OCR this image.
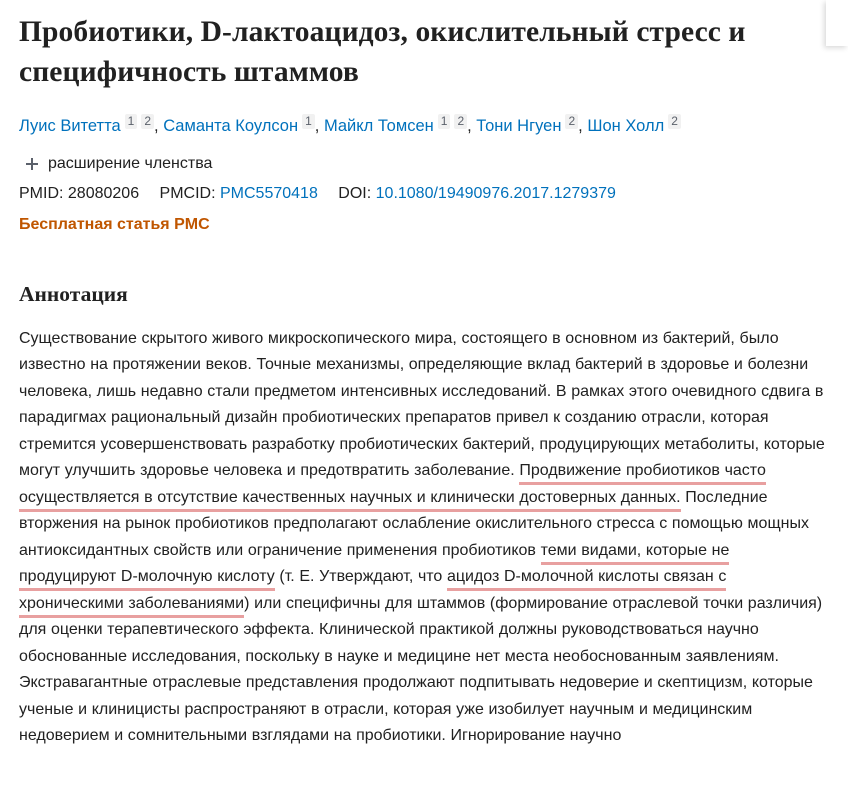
Пробиотики, D-лактоацидоз, окислительный стресс и специфичность штаммов
Луис Витетта 1 2 , Саманта Коулсон 1 , Майкл Томсен 1 2 , Тони Нгуен 2 , Шон Холл 2
расширение членства
PMID: 28080206 PMCID: PMC5570418 DOI: 10.1080/19490976.2017.1279379
Бесплатная статья PMC
Аннотация
Существование скрытого живого микроскопического мира, состоящего в основном из бактерий, было известно на протяжении веков. Точные механизмы, определяющие вклад бактерий в здоровье и болезни человека, лишь недавно стали предметом интенсивных исследований. В рамках этого очевидного сдвига в парадигмах рациональный дизайн пробиотических препаратов привел к созданию отрасли, которая стремится усовершенствовать разработку пробиотических бактерий, продуцирующих метаболиты, которые могут улучшить здоровье человека и предотвратить заболевание. Продвижение пробиотиков часто осуществляется в отсутствие качественных научных и клинически достоверных данных. Последние вторжения на рынок пробиотиков предполагают ослабление окислительного стресса с помощью мощных антиоксидантных свойств или ограничение применения пробиотиков теми видами, которые не продуцируют D-молочную кислоту (т. Е. Утверждают, что ацидоз D-молочной кислоты связан с хроническими заболеваниями) или специфичны для штаммов (формирование отраслевой точки различия) для оценки терапевтического эффекта. Клинической практикой должны руководствоваться научно обоснованные исследования, поскольку в науке и медицине нет места необоснованным заявлениям. Экстравагантные отраслевые представления продолжают подпитывать недоверие и скептицизм, которые ученые и клиницисты распространяют в отрасли, которая уже изобилует научным и медицинским недоверием и сомнительными взглядами на пробиотики. Игнорирование научно
